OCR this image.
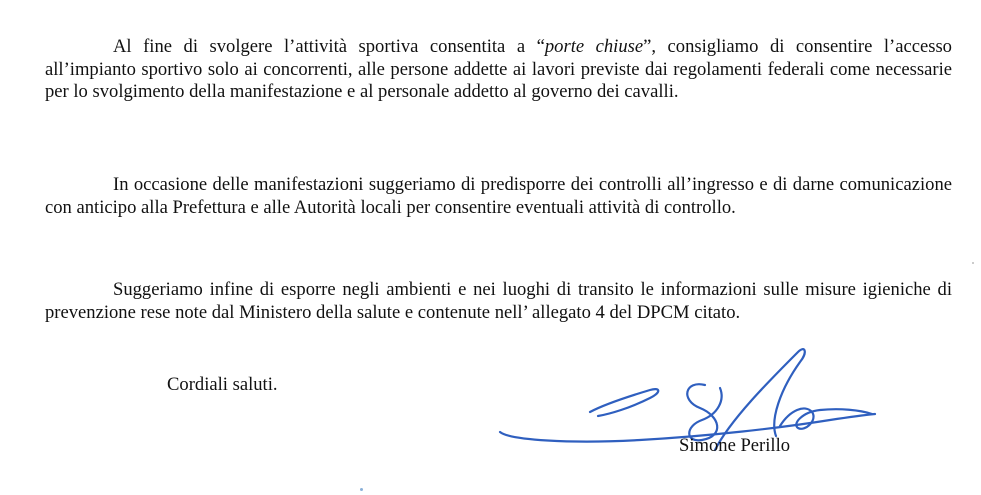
Al fine di svolgere l’attività sportiva consentita a “porte chiuse”, consigliamo di consentire l’accesso all’impianto sportivo solo ai concorrenti, alle persone addette ai lavori previste dai regolamenti federali come necessarie per lo svolgimento della manifestazione e al personale addetto al governo dei cavalli.

In occasione delle manifestazioni suggeriamo di predisporre dei controlli all’ingresso e di darne comunicazione con anticipo alla Prefettura e alle Autorità locali per consentire eventuali attività di controllo.

Suggeriamo infine di esporre negli ambienti e nei luoghi di transito le informazioni sulle misure igieniche di prevenzione rese note dal Ministero della salute e contenute nell’ allegato 4 del DPCM citato.

Cordiali saluti.
Simone Perillo
